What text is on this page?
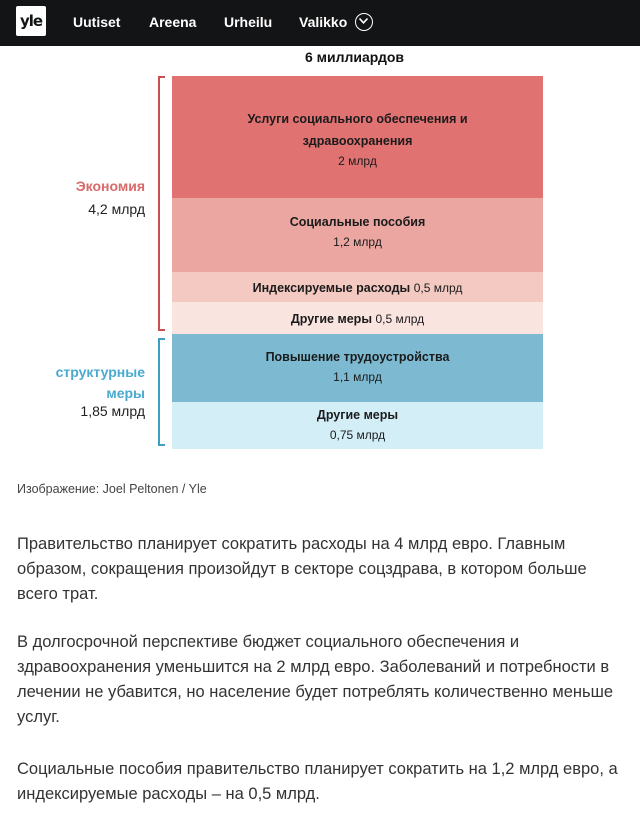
yle Uutiset Areena Urheilu Valikko
6 миллиардов
Услуги социального обеспечения и
здравоохранения
2 млрд
Социальные пособия
1,2 млрд
Индексируемые расходы 0,5 млрд
Другие меры 0,5 млрд
Повышение трудоустройства
1,1 млрд
Другие меры
0,75 млрд
Экономия
4,2 млрд
структурные меры
1,85 млрд
Изображение: Joel Peltonen / Yle

Правительство планирует сократить расходы на 4 млрд евро. Главным образом, сокращения произойдут в секторе соцздрава, в котором больше всего трат.

В долгосрочной перспективе бюджет социального обеспечения и здравоохранения уменьшится на 2 млрд евро. Заболеваний и потребности в лечении не убавится, но население будет потреблять количественно меньше услуг.

Социальные пособия правительство планирует сократить на 1,2 млрд евро, а индексируемые расходы – на 0,5 млрд.
